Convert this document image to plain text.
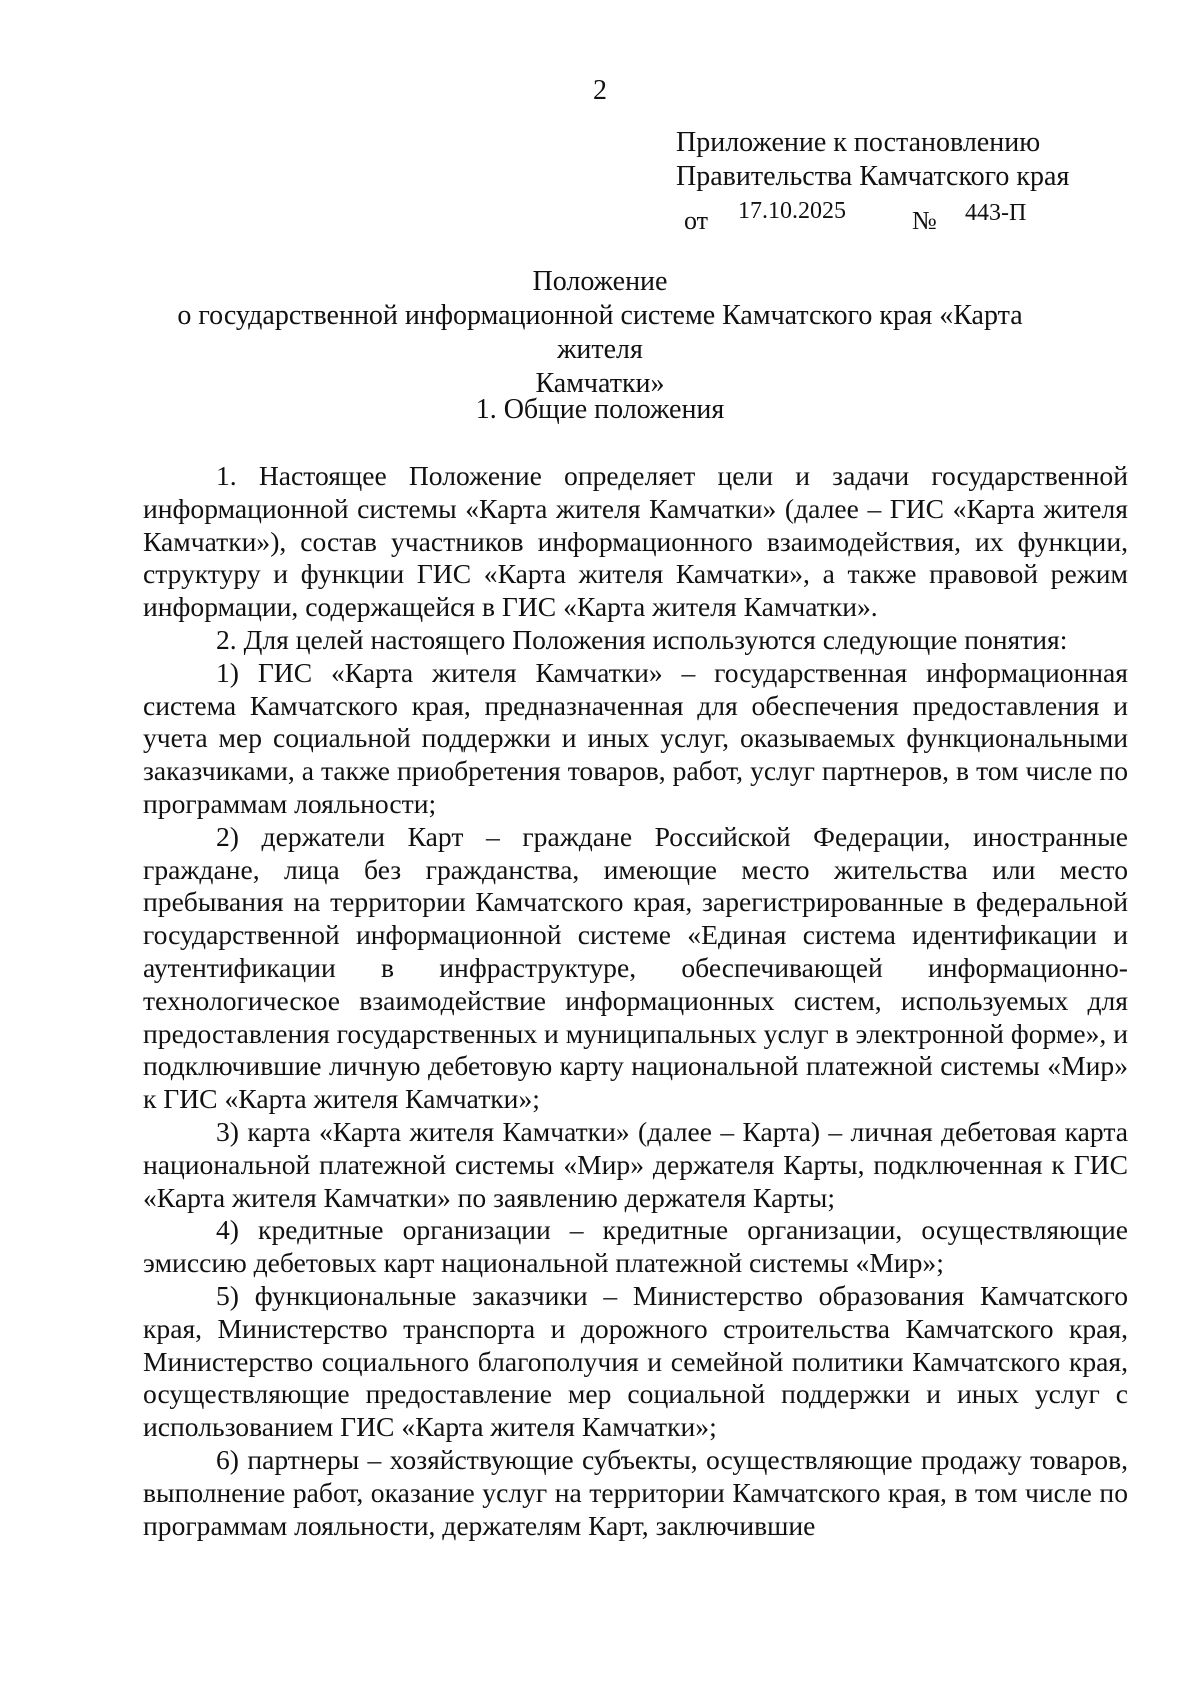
2
Приложение к постановлению
Правительства Камчатского края
от 17.10.2025	№ 443-П
Положение
о государственной информационной системе Камчатского края «Карта жителя
Камчатки»
1. Общие положения

1. Настоящее Положение определяет цели и задачи государственной информационной системы «Карта жителя Камчатки» (далее – ГИС «Карта жителя Камчатки»), состав участников информационного взаимодействия, их функции, структуру и функции ГИС «Карта жителя Камчатки», а также правовой режим информации, содержащейся в ГИС «Карта жителя Камчатки».

2. Для целей настоящего Положения используются следующие понятия:

1) ГИС «Карта жителя Камчатки» – государственная информационная система Камчатского края, предназначенная для обеспечения предоставления и учета мер социальной поддержки и иных услуг, оказываемых функциональными заказчиками, а также приобретения товаров, работ, услуг партнеров, в том числе по программам лояльности;

2) держатели Карт – граждане Российской Федерации, иностранные граждане, лица без гражданства, имеющие место жительства или место пребывания на территории Камчатского края, зарегистрированные в федеральной государственной информационной системе «Единая система идентификации и аутентификации в инфраструктуре, обеспечивающей информационно-технологическое взаимодействие информационных систем, используемых для предоставления государственных и муниципальных услуг в электронной форме», и подключившие личную дебетовую карту национальной платежной системы «Мир» к ГИС «Карта жителя Камчатки»;

3) карта «Карта жителя Камчатки» (далее – Карта) – личная дебетовая карта национальной платежной системы «Мир» держателя Карты, подключенная к ГИС «Карта жителя Камчатки» по заявлению держателя Карты;

4) кредитные организации – кредитные организации, осуществляющие эмиссию дебетовых карт национальной платежной системы «Мир»;

5) функциональные заказчики – Министерство образования Камчатского края, Министерство транспорта и дорожного строительства Камчатского края, Министерство социального благополучия и семейной политики Камчатского края, осуществляющие предоставление мер социальной поддержки и иных услуг с использованием ГИС «Карта жителя Камчатки»;

6) партнеры – хозяйствующие субъекты, осуществляющие продажу товаров, выполнение работ, оказание услуг на территории Камчатского края, в том числе по программам лояльности, держателям Карт, заключившие
